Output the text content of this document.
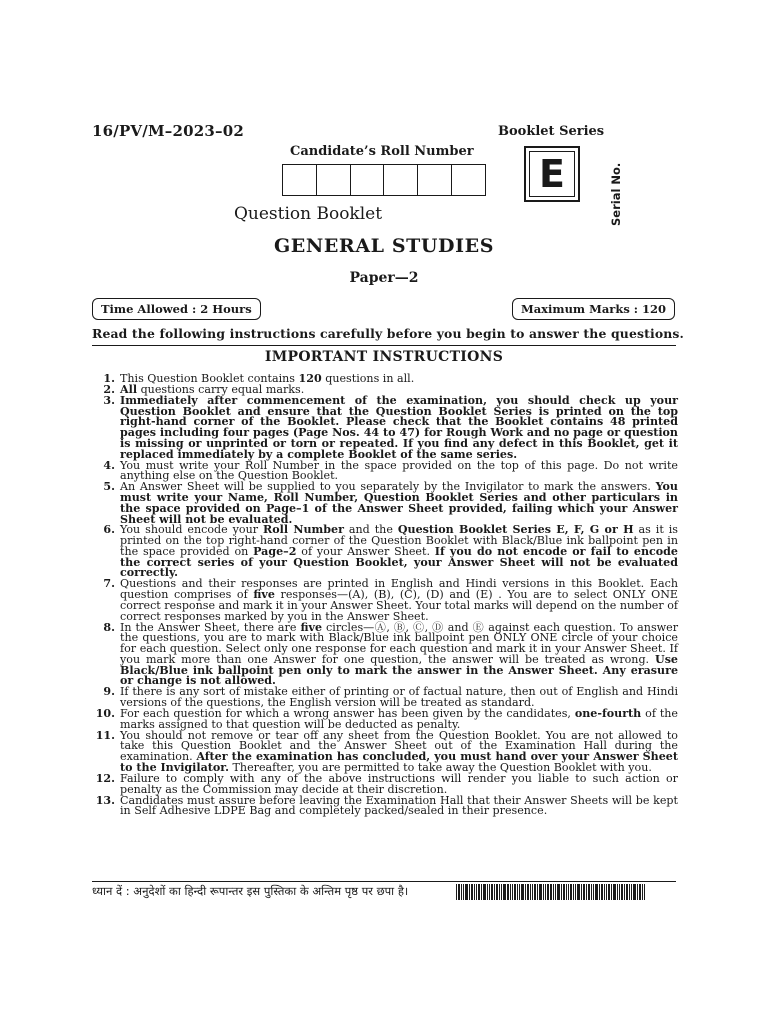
16/PV/M–2023–02	Booklet Series
Candidate’s Roll Number
E	Serial No.
Question Booklet
GENERAL STUDIES
Paper—2
Time Allowed : 2 Hours	Maximum Marks : 120
Read the following instructions carefully before you begin to answer the questions.
IMPORTANT INSTRUCTIONS
1. This Question Booklet contains 120 questions in all.
2. All questions carry equal marks.
3. Immediately after commencement of the examination, you should check up your Question Booklet and ensure that the Question Booklet Series is printed on the top right-hand corner of the Booklet. Please check that the Booklet contains 48 printed pages including four pages (Page Nos. 44 to 47) for Rough Work and no page or question is missing or unprinted or torn or repeated. If you find any defect in this Booklet, get it replaced immediately by a complete Booklet of the same series.
4. You must write your Roll Number in the space provided on the top of this page. Do not write anything else on the Question Booklet.
5. An Answer Sheet will be supplied to you separately by the Invigilator to mark the answers. You must write your Name, Roll Number, Question Booklet Series and other particulars in the space provided on Page–1 of the Answer Sheet provided, failing which your Answer Sheet will not be evaluated.
6. You should encode your Roll Number and the Question Booklet Series E, F, G or H as it is printed on the top right-hand corner of the Question Booklet with Black/Blue ink ballpoint pen in the space provided on Page–2 of your Answer Sheet. If you do not encode or fail to encode the correct series of your Question Booklet, your Answer Sheet will not be evaluated correctly.
7. Questions and their responses are printed in English and Hindi versions in this Booklet. Each question comprises of five responses—(A), (B), (C), (D) and (E) . You are to select ONLY ONE correct response and mark it in your Answer Sheet. Your total marks will depend on the number of correct responses marked by you in the Answer Sheet.
8. In the Answer Sheet, there are five circles—Ⓐ, Ⓑ, Ⓒ, Ⓓ and Ⓔ against each question. To answer the questions, you are to mark with Black/Blue ink ballpoint pen ONLY ONE circle of your choice for each question. Select only one response for each question and mark it in your Answer Sheet. If you mark more than one Answer for one question, the answer will be treated as wrong. Use Black/Blue ink ballpoint pen only to mark the answer in the Answer Sheet. Any erasure or change is not allowed.
9. If there is any sort of mistake either of printing or of factual nature, then out of English and Hindi versions of the questions, the English version will be treated as standard.
10. For each question for which a wrong answer has been given by the candidates, one-fourth of the marks assigned to that question will be deducted as penalty.
11. You should not remove or tear off any sheet from the Question Booklet. You are not allowed to take this Question Booklet and the Answer Sheet out of the Examination Hall during the examination. After the examination has concluded, you must hand over your Answer Sheet to the Invigilator. Thereafter, you are permitted to take away the Question Booklet with you.
12. Failure to comply with any of the above instructions will render you liable to such action or penalty as the Commission may decide at their discretion.
13. Candidates must assure before leaving the Examination Hall that their Answer Sheets will be kept in Self Adhesive LDPE Bag and completely packed/sealed in their presence.
ध्यान दें : अनुदेशों का हिन्दी रूपान्तर इस पुस्तिका के अन्तिम पृष्ठ पर छपा है।
